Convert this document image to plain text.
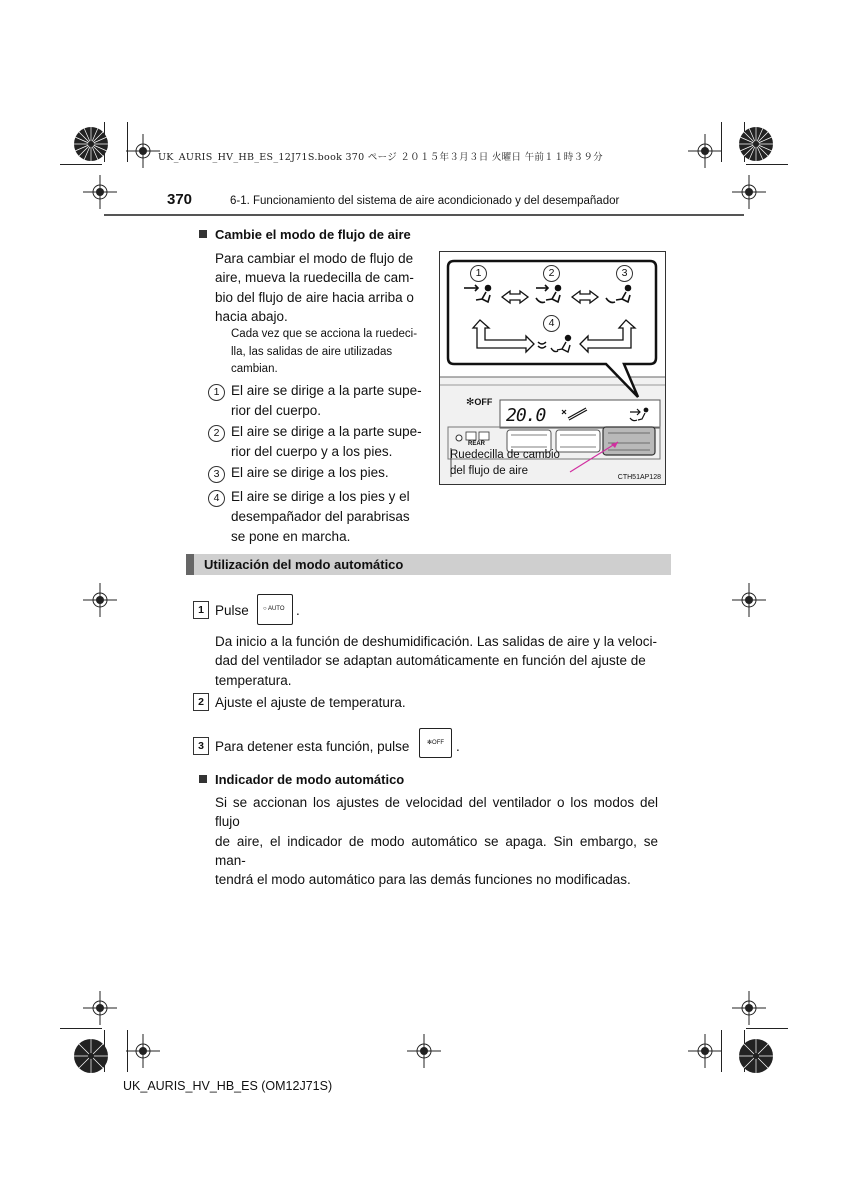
UK_AURIS_HV_HB_ES_12J71S.book 370 ページ ２０１５年３月３日 火曜日 午前１１時３９分
370	6-1. Funcionamiento del sistema de aire acondicionado y del desempañador
Cambie el modo de flujo de aire
Para cambiar el modo de flujo de
aire, mueva la ruedecilla de cam-
bio del flujo de aire hacia arriba o
hacia abajo.
Cada vez que se acciona la ruedeci-
lla, las salidas de aire utilizadas
cambian.
1 El aire se dirige a la parte supe-
rior del cuerpo.
2 El aire se dirige a la parte supe-
rior del cuerpo y a los pies.
3 El aire se dirige a los pies.
4 El aire se dirige a los pies y el
desempañador del parabrisas
se pone en marcha.
1	2	3
4
✻OFF
20.0
REAR
Ruedecilla de cambio
del flujo de aire
CTH51AP128
Utilización del modo automático
1 Pulse ○ AUTO .
Da inicio a la función de deshumidificación. Las salidas de aire y la veloci-
dad del ventilador se adaptan automáticamente en función del ajuste de
temperatura.
2 Ajuste el ajuste de temperatura.
3 Para detener esta función, pulse	✻OFF .
Indicador de modo automático
Si se accionan los ajustes de velocidad del ventilador o los modos del flujo
de aire, el indicador de modo automático se apaga. Sin embargo, se man-
tendrá el modo automático para las demás funciones no modificadas.
UK_AURIS_HV_HB_ES (OM12J71S)
